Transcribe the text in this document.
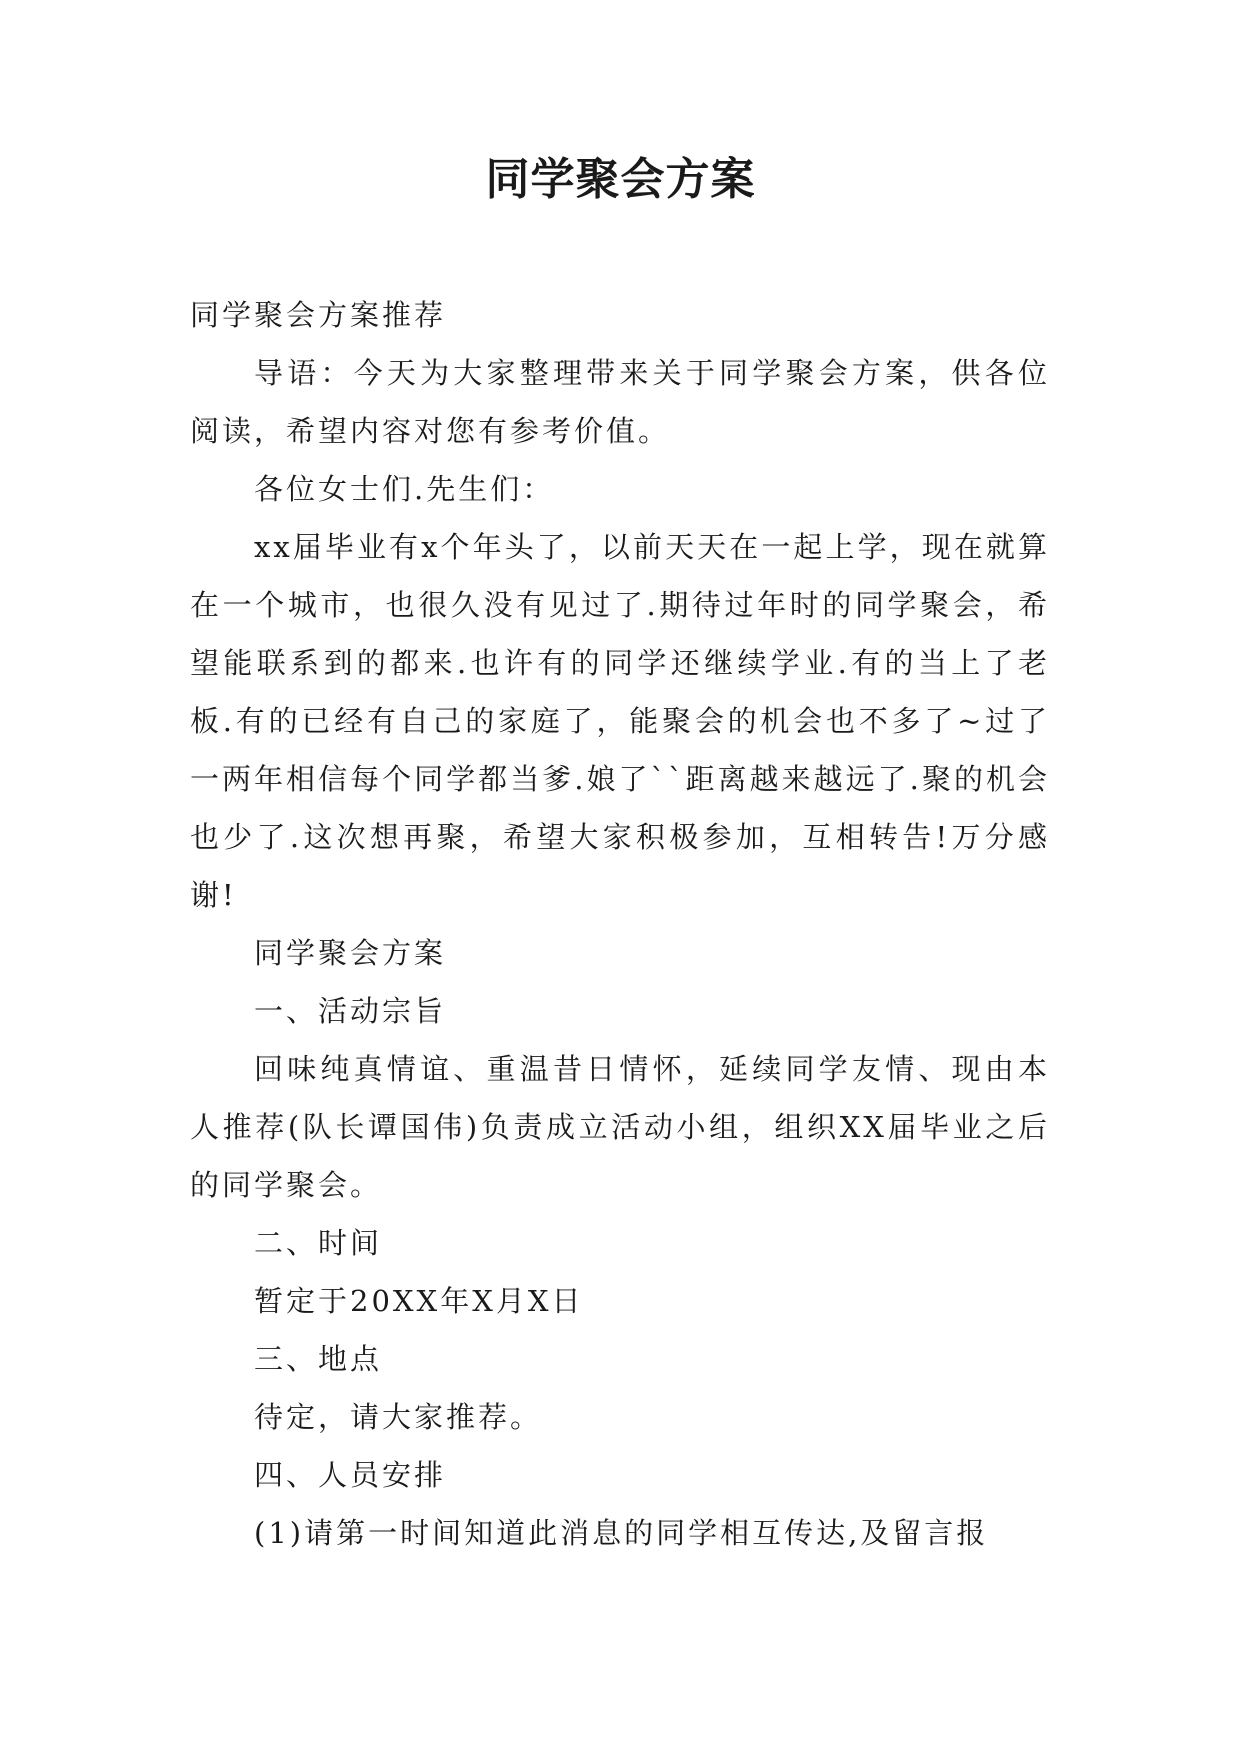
同学聚会方案

同学聚会方案推荐

导语：今天为大家整理带来关于同学聚会方案，供各位阅读，希望内容对您有参考价值。

各位女士们.先生们：

xx届毕业有x个年头了，以前天天在一起上学，现在就算在一个城市，也很久没有见过了.期待过年时的同学聚会，希望能联系到的都来.也许有的同学还继续学业.有的当上了老板.有的已经有自己的家庭了，能聚会的机会也不多了~过了一两年相信每个同学都当爹.娘了``距离越来越远了.聚的机会也少了.这次想再聚，希望大家积极参加，互相转告!万分感谢!

同学聚会方案

一、活动宗旨

回味纯真情谊、重温昔日情怀，延续同学友情、现由本人推荐(队长谭国伟)负责成立活动小组，组织XX届毕业之后的同学聚会。

二、时间

暂定于20XX年X月X日

三、地点

待定，请大家推荐。

四、人员安排

(1)请第一时间知道此消息的同学相互传达,及留言报
